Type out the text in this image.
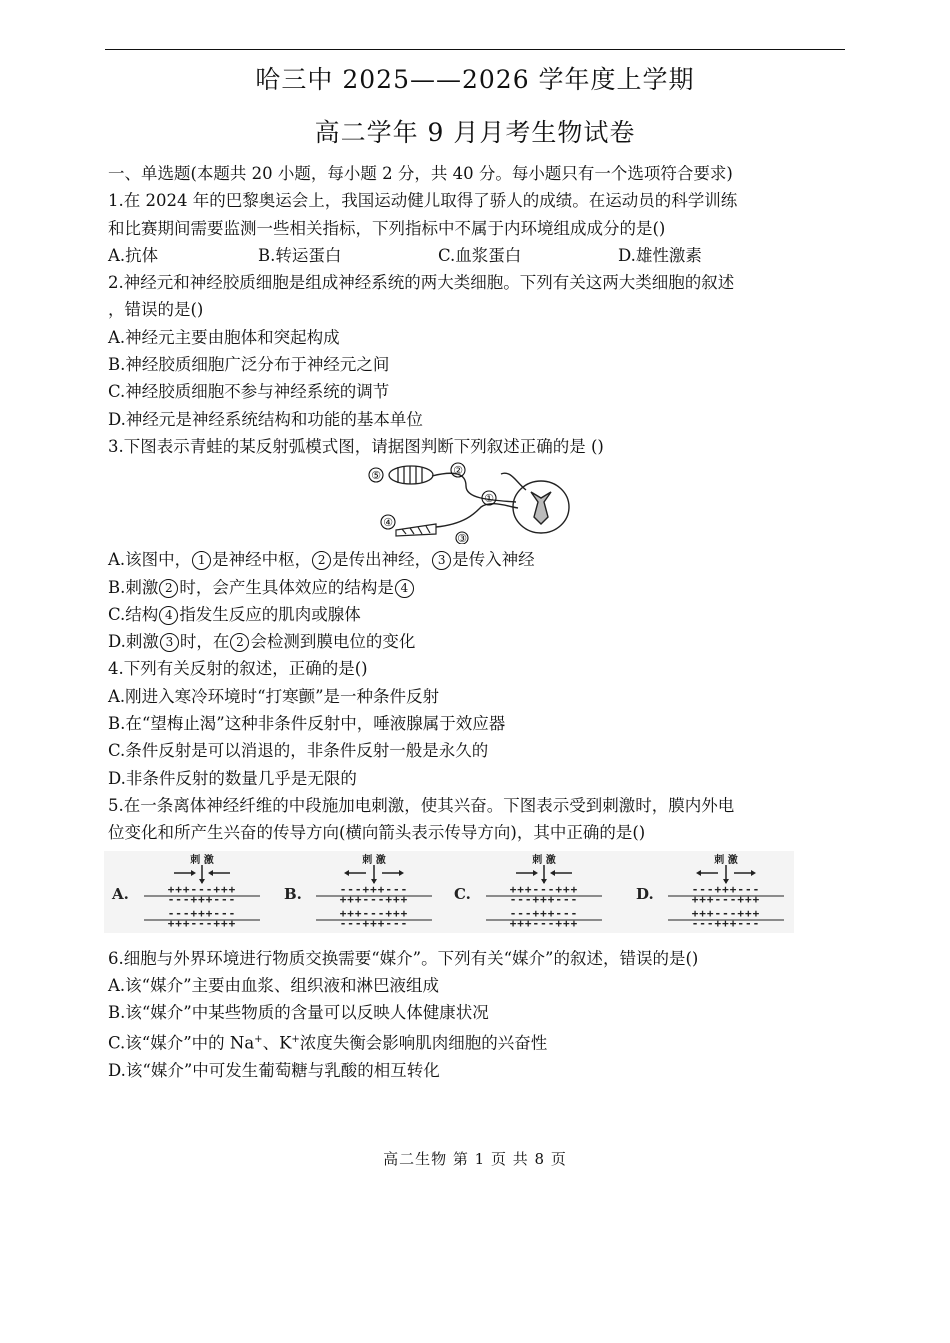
哈三中 2025——2026 学年度上学期
高二学年 9 月月考生物试卷
一、单选题(本题共 20 小题，每小题 2 分，共 40 分。每小题只有一个选项符合要求)
1.在 2024 年的巴黎奥运会上，我国运动健儿取得了骄人的成绩。在运动员的科学训练
和比赛期间需要监测一些相关指标，下列指标中不属于内环境组成成分的是()
A.抗体	B.转运蛋白	C.血浆蛋白	D.雄性激素
2.神经元和神经胶质细胞是组成神经系统的两大类细胞。下列有关这两大类细胞的叙述
，错误的是()
A.神经元主要由胞体和突起构成
B.神经胶质细胞广泛分布于神经元之间
C.神经胶质细胞不参与神经系统的调节
D.神经元是神经系统结构和功能的基本单位
3.下图表示青蛙的某反射弧模式图，请据图判断下列叙述正确的是 ()
⑤	②
①
④
③
A.该图中， 1 是神经中枢， 2 是传出神经， 3 是传入神经
B.刺激 2 时，会产生具体效应的结构是 4
C.结构 4 指发生反应的肌肉或腺体
D.刺激 3 时，在 2 会检测到膜电位的变化
4.下列有关反射的叙述，正确的是()
A.刚进入寒冷环境时“打寒颤”是一种条件反射
B.在“望梅止渴”这种非条件反射中，唾液腺属于效应器
C.条件反射是可以消退的，非条件反射一般是永久的
D.非条件反射的数量几乎是无限的
5.在一条离体神经纤维的中段施加电刺激，使其兴奋。下图表示受到刺激时，膜内外电
位变化和所产生兴奋的传导方向(横向箭头表示传导方向)，其中正确的是()
A.
刺 激
+++---+++
---+++---
---+++---
+++---+++
B.
刺 激
---+++---
+++---+++
+++---+++
---+++---
C.
刺 激
+++---+++
---+++---
---+++---
+++---+++
D.
刺 激
---+++---
+++---+++
+++---+++
---+++---
6.细胞与外界环境进行物质交换需要“媒介”。下列有关“媒介”的叙述，错误的是()
A.该“媒介”主要由血浆、组织液和淋巴液组成
B.该“媒介”中某些物质的含量可以反映人体健康状况
C.该“媒介”中的 Na+、K+浓度失衡会影响肌肉细胞的兴奋性
D.该“媒介”中可发生葡萄糖与乳酸的相互转化
高二生物 第 1 页 共 8 页
